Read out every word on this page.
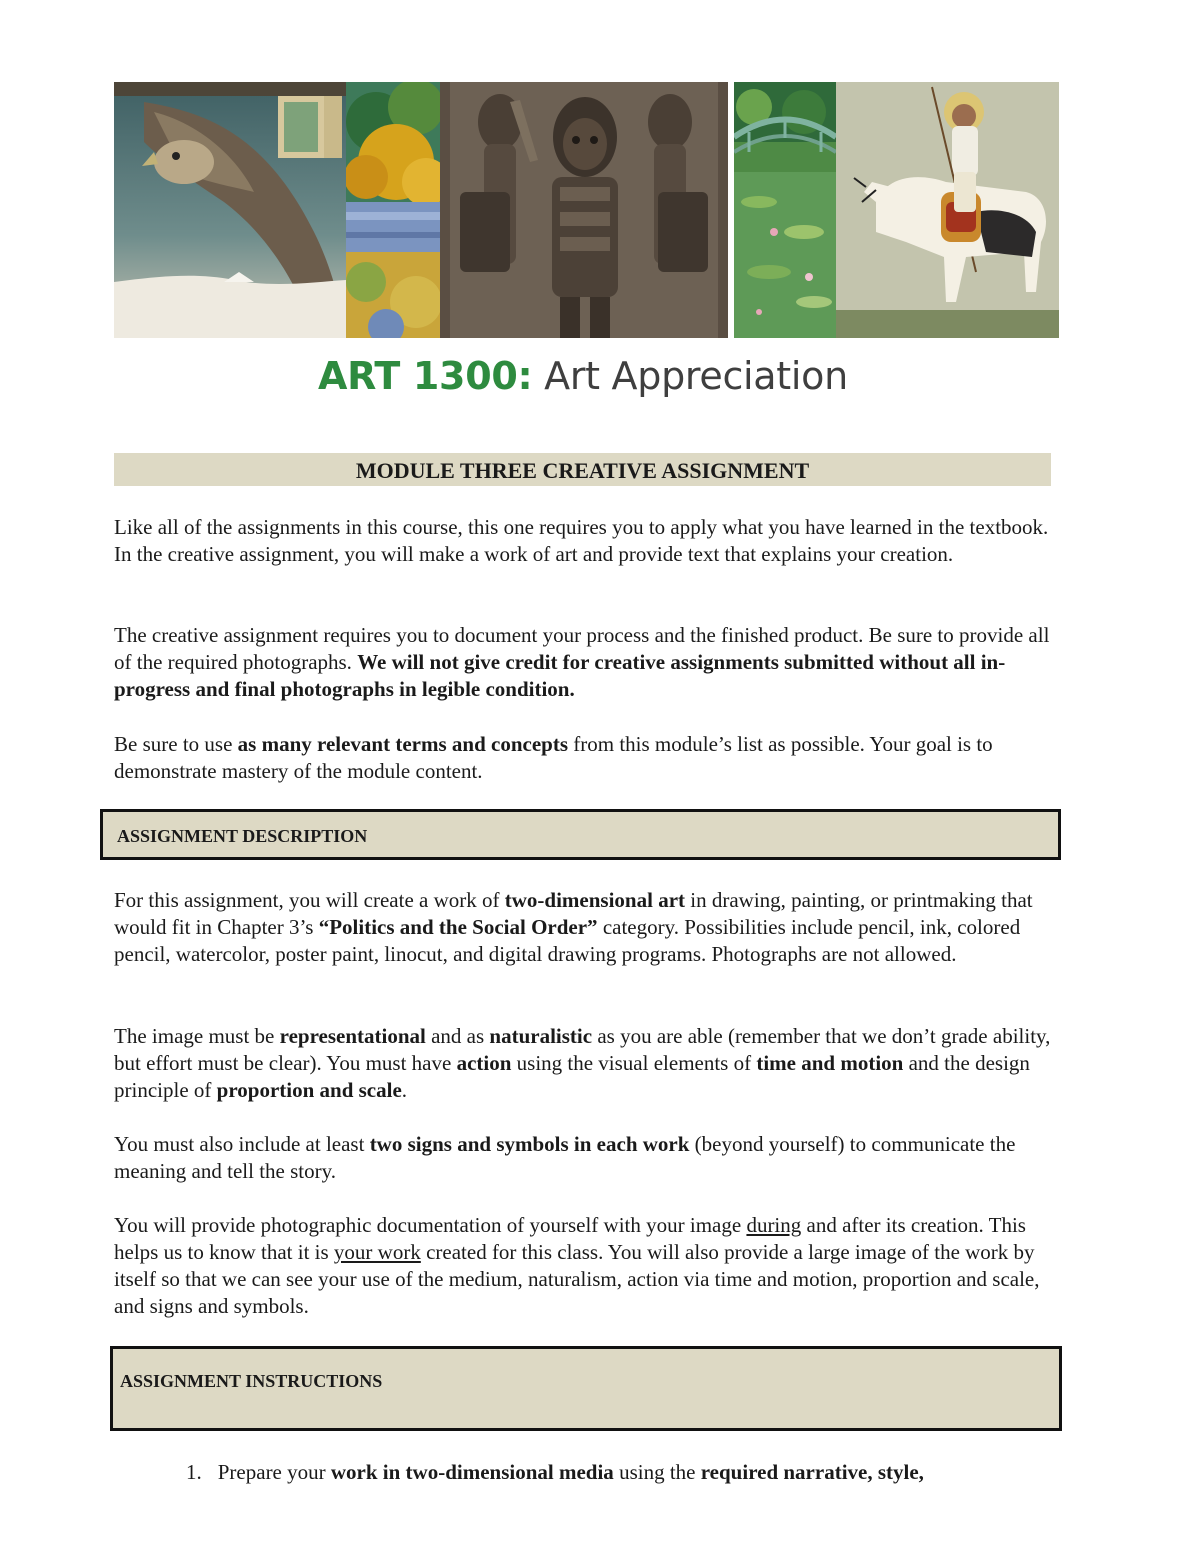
ART 1300: Art Appreciation
MODULE THREE CREATIVE ASSIGNMENT

Like all of the assignments in this course, this one requires you to apply what you have learned in the textbook. In the creative assignment, you will make a work of art and provide text that explains your creation.

The creative assignment requires you to document your process and the finished product. Be sure to provide all of the required photographs. We will not give credit for creative assignments submitted without all in-progress and final photographs in legible condition.

Be sure to use as many relevant terms and concepts from this module’s list as possible. Your goal is to demonstrate mastery of the module content.

ASSIGNMENT DESCRIPTION

For this assignment, you will create a work of two-dimensional art in drawing, painting, or printmaking that would fit in Chapter 3’s “Politics and the Social Order” category. Possibilities include pencil, ink, colored pencil, watercolor, poster paint, linocut, and digital drawing programs. Photographs are not allowed.

The image must be representational and as naturalistic as you are able (remember that we don’t grade ability, but effort must be clear). You must have action using the visual elements of time and motion and the design principle of proportion and scale.

You must also include at least two signs and symbols in each work (beyond yourself) to communicate the meaning and tell the story.

You will provide photographic documentation of yourself with your image during and after its creation. This helps us to know that it is your work created for this class. You will also provide a large image of the work by itself so that we can see your use of the medium, naturalism, action via time and motion, proportion and scale, and signs and symbols.

ASSIGNMENT INSTRUCTIONS
1. Prepare your work in two-dimensional media using the required narrative, style,
